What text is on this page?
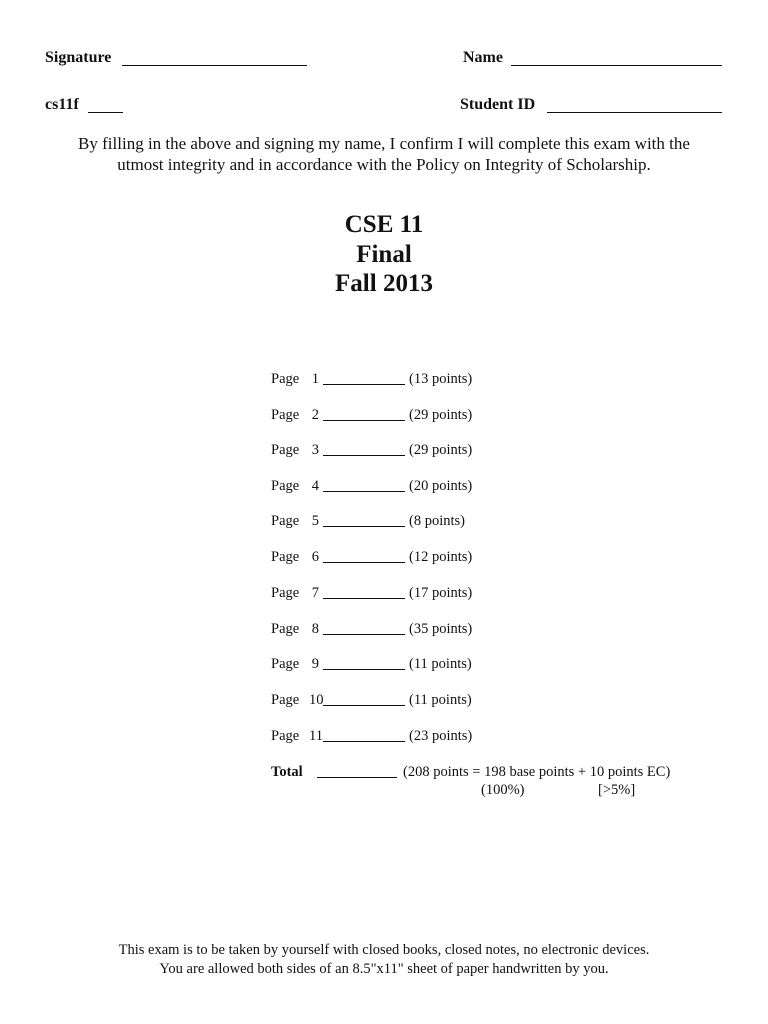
Signature	Name
cs11f	Student ID
By filling in the above and signing my name, I confirm I will complete this exam with the
utmost integrity and in accordance with the Policy on Integrity of Scholarship.
CSE 11
Final
Fall 2013
Page 1	(13 points)
Page 2	(29 points)
Page 3	(29 points)
Page 4	(20 points)
Page 5	(8 points)
Page 6	(12 points)
Page 7	(17 points)
Page 8	(35 points)
Page 9	(11 points)
Page 10	(11 points)
Page 11	(23 points)
Total	(208 points = 198 base points + 10 points EC)
(100%)	[>5%]
This exam is to be taken by yourself with closed books, closed notes, no electronic devices.
You are allowed both sides of an 8.5"x11" sheet of paper handwritten by you.
